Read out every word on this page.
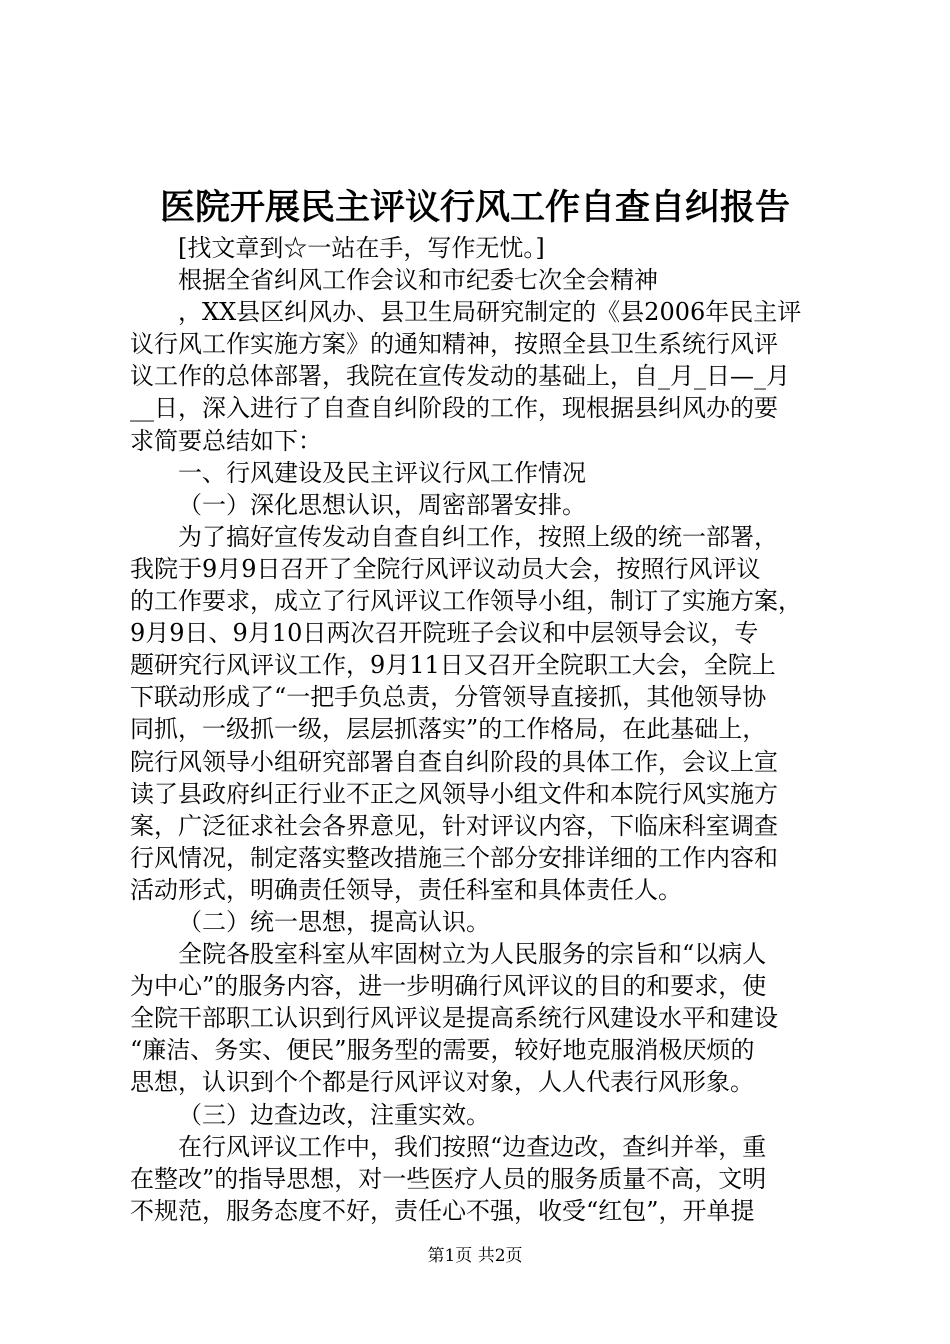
医院开展民主评议行风工作自查自纠报告
[找文章到☆一站在手，写作无忧。]
根据全省纠风工作会议和市纪委七次全会精神
，XX县区纠风办、县卫生局研究制定的《县2006年民主评
议行风工作实施方案》的通知精神，按照全县卫生系统行风评
议工作的总体部署，我院在宣传发动的基础上，自_月_日—_月
__日，深入进行了自查自纠阶段的工作，现根据县纠风办的要
求简要总结如下：
一、行风建设及民主评议行风工作情况
（一）深化思想认识，周密部署安排。
为了搞好宣传发动自查自纠工作，按照上级的统一部署，
我院于9月9日召开了全院行风评议动员大会，按照行风评议
的工作要求，成立了行风评议工作领导小组，制订了实施方案，
9月9日、9月10日两次召开院班子会议和中层领导会议，专
题研究行风评议工作，9月11日又召开全院职工大会，全院上
下联动形成了“一把手负总责，分管领导直接抓，其他领导协
同抓，一级抓一级，层层抓落实”的工作格局，在此基础上，
院行风领导小组研究部署自查自纠阶段的具体工作，会议上宣
读了县政府纠正行业不正之风领导小组文件和本院行风实施方
案，广泛征求社会各界意见，针对评议内容，下临床科室调查
行风情况，制定落实整改措施三个部分安排详细的工作内容和
活动形式，明确责任领导，责任科室和具体责任人。
（二）统一思想，提高认识。
全院各股室科室从牢固树立为人民服务的宗旨和“以病人
为中心”的服务内容，进一步明确行风评议的目的和要求，使
全院干部职工认识到行风评议是提高系统行风建设水平和建设
“廉洁、务实、便民”服务型的需要，较好地克服消极厌烦的
思想，认识到个个都是行风评议对象，人人代表行风形象。
（三）边查边改，注重实效。
在行风评议工作中，我们按照“边查边改，查纠并举，重
在整改”的指导思想，对一些医疗人员的服务质量不高，文明
不规范，服务态度不好，责任心不强，收受“红包”，开单提
第1页 共2页
